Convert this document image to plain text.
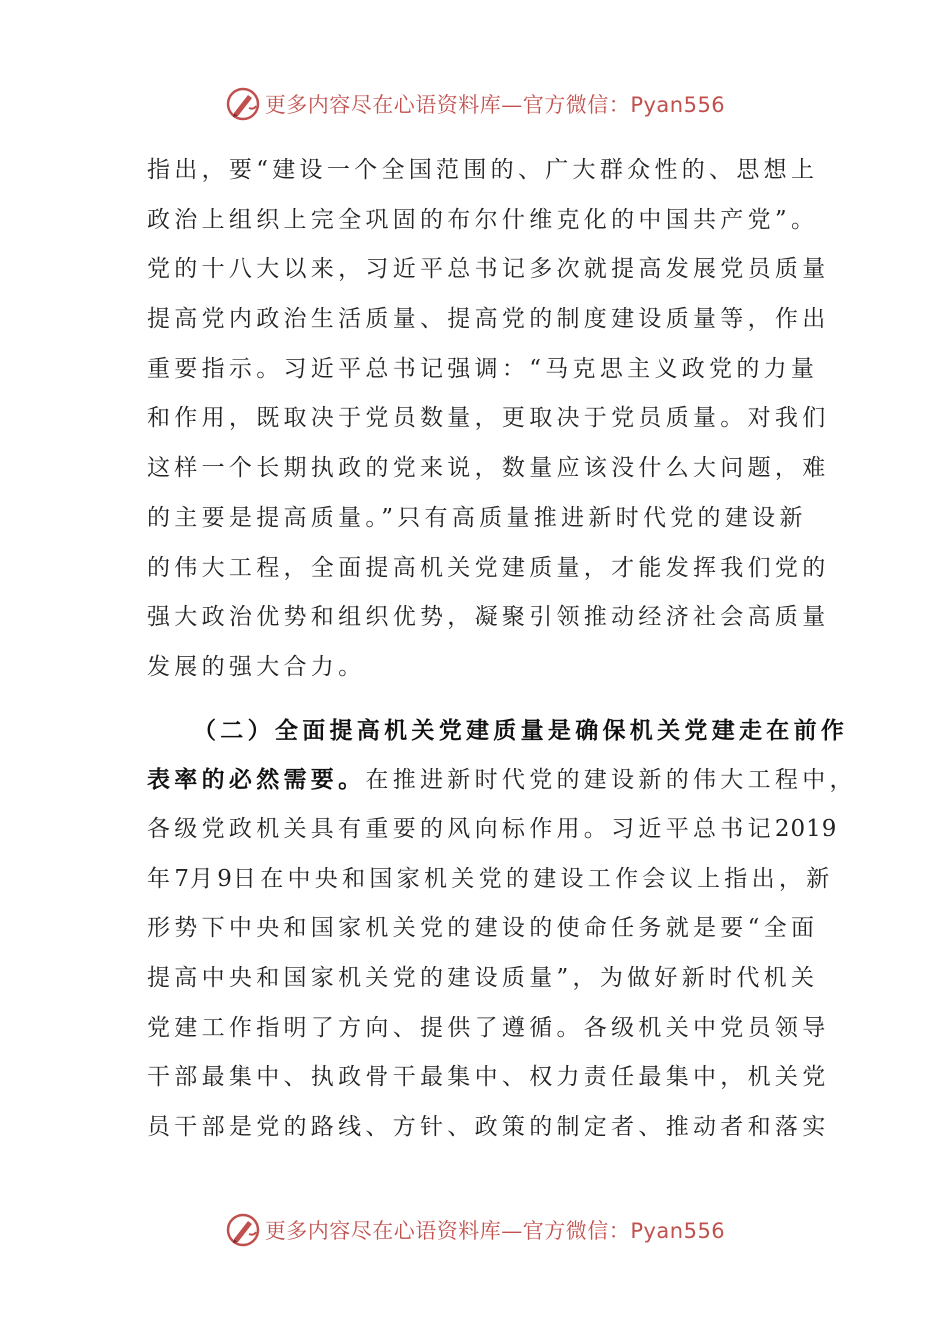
更多内容尽在心语资料库—官方微信：Pyan556
指出，要“建设一个全国范围的、广大群众性的、思想上
政治上组织上完全巩固的布尔什维克化的中国共产党”。
党的十八大以来，习近平总书记多次就提高发展党员质量
提高党内政治生活质量、提高党的制度建设质量等，作出
重要指示。习近平总书记强调：“马克思主义政党的力量
和作用，既取决于党员数量，更取决于党员质量。对我们
这样一个长期执政的党来说，数量应该没什么大问题，难
的主要是提高质量。”只有高质量推进新时代党的建设新
的伟大工程，全面提高机关党建质量，才能发挥我们党的
强大政治优势和组织优势，凝聚引领推动经济社会高质量
发展的强大合力。
（二）全面提高机关党建质量是确保机关党建走在前作
表率的必然需要。在推进新时代党的建设新的伟大工程中，
各级党政机关具有重要的风向标作用。习近平总书记2019
年7月9日在中央和国家机关党的建设工作会议上指出，新
形势下中央和国家机关党的建设的使命任务就是要“全面
提高中央和国家机关党的建设质量”，为做好新时代机关
党建工作指明了方向、提供了遵循。各级机关中党员领导
干部最集中、执政骨干最集中、权力责任最集中，机关党
员干部是党的路线、方针、政策的制定者、推动者和落实
更多内容尽在心语资料库—官方微信：Pyan556
